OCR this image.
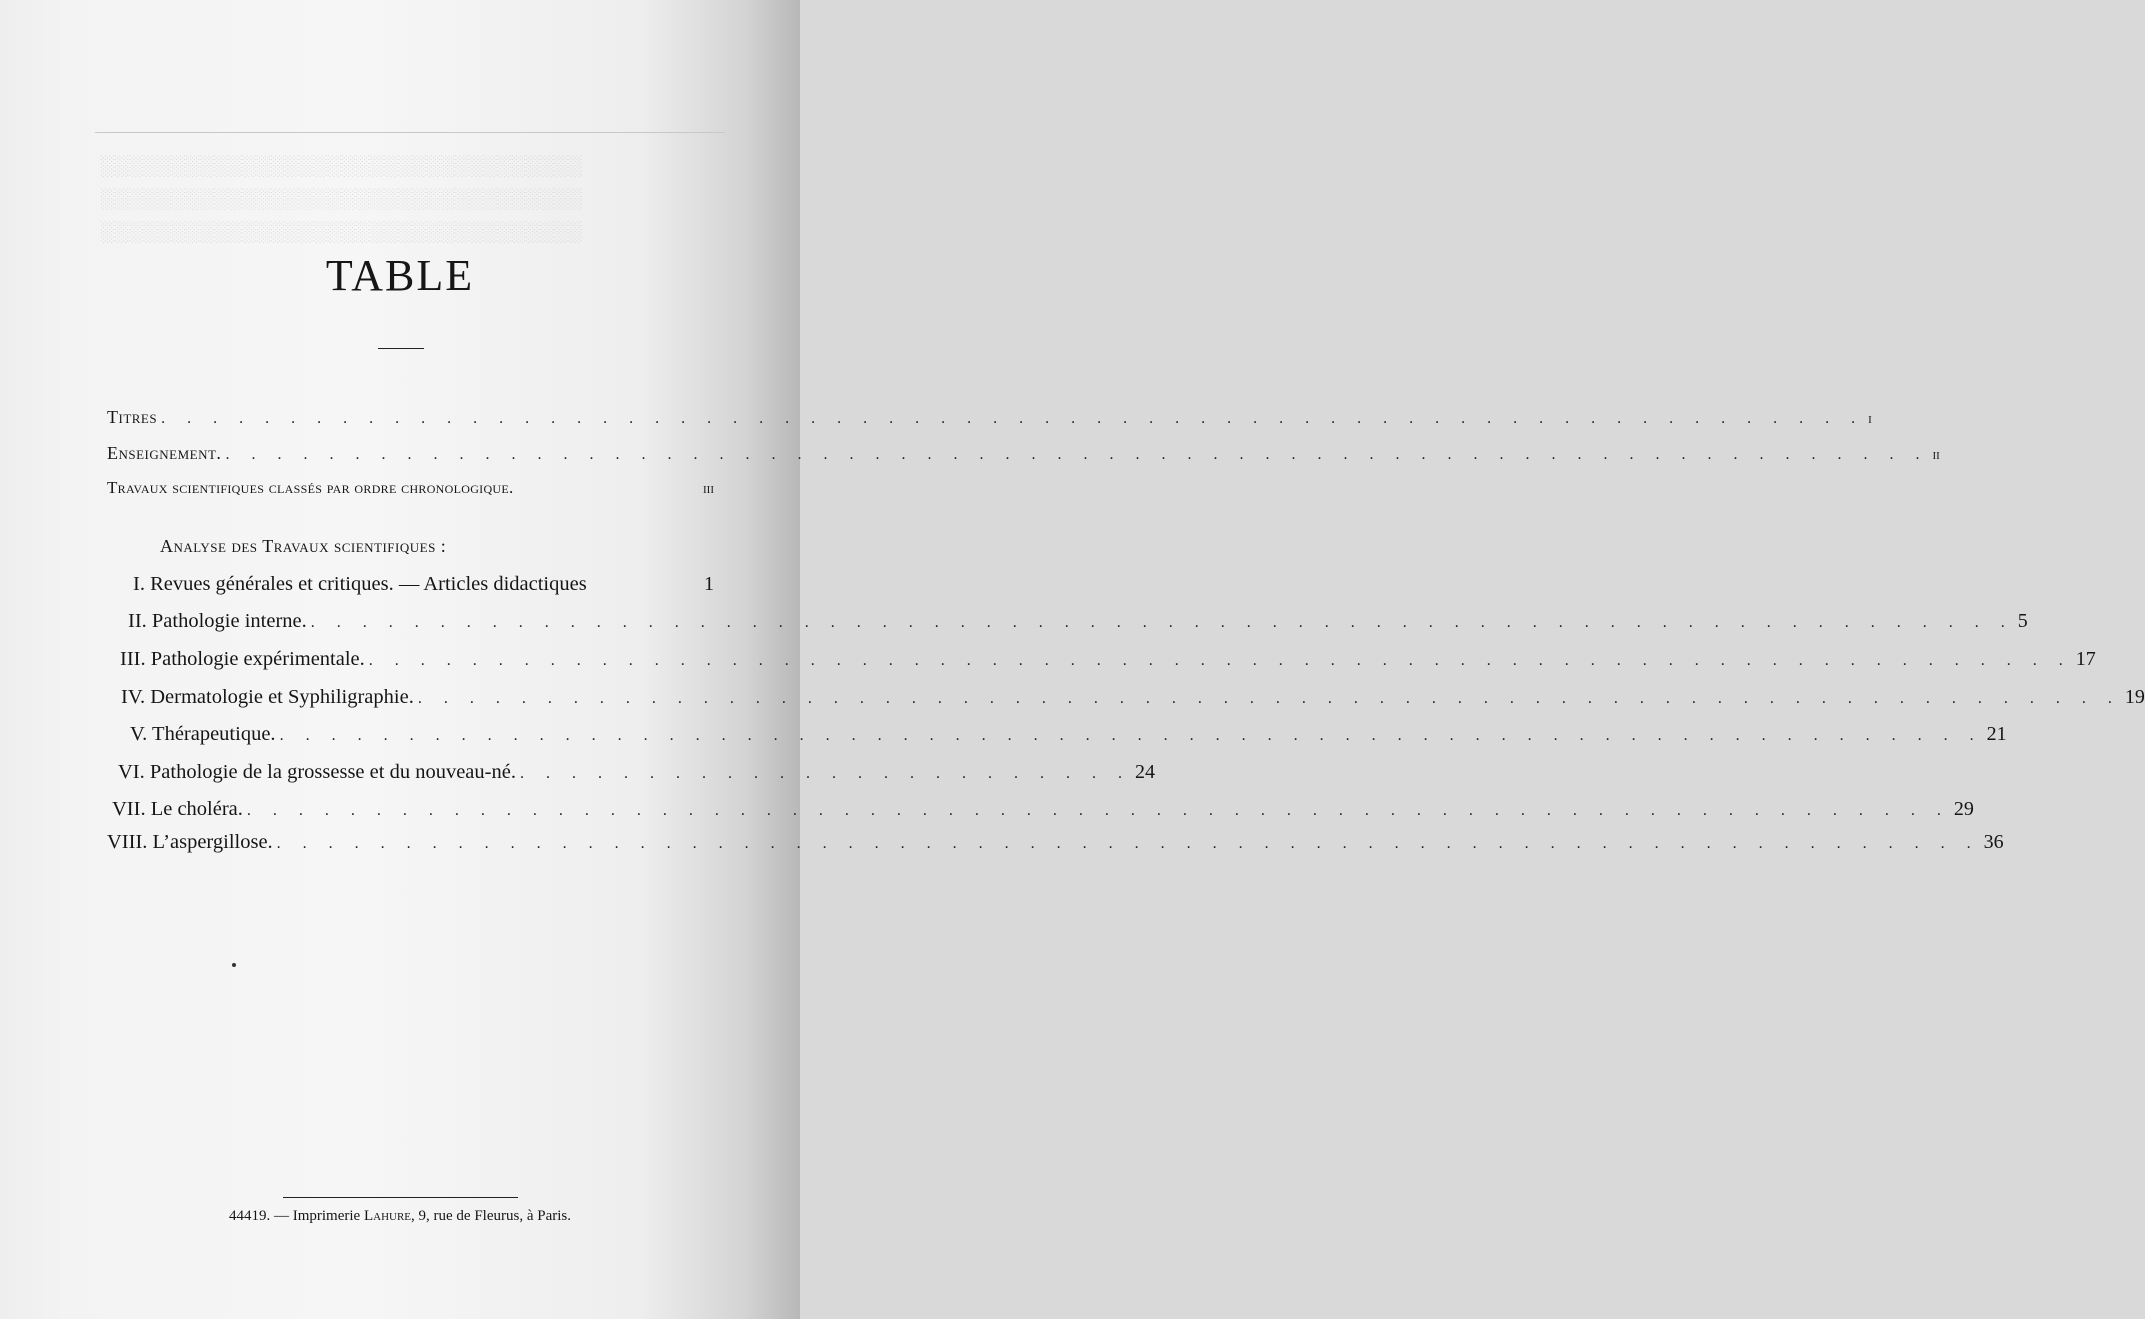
░░░░░░░░░░░░░░░░░░░░░░░░░░░░░░░░░░
░░░░░░░░░░░░░░░░░░░░░░░░░░░░░░░░░░
░░░░░░░░░░░░░░░░░░░░░░░░░░░░░░░░░░
TABLE
Titres . . . . . . . . . . . . . . . . . . . . . . . . . . . . . . . . . . . . . . . . . . . . . . . . . . . . . . . . . . . . . . . . . . i
Enseignement. . . . . . . . . . . . . . . . . . . . . . . . . . . . . . . . . . . . . . . . . . . . . . . . . . . . . . . . . . . . . . . . . . . ii
Travaux scientifiques classés par ordre chronologique.	iii
Analyse des Travaux scientifiques :
I. Revues générales et critiques. — Articles didactiques	1
II. Pathologie interne. . . . . . . . . . . . . . . . . . . . . . . . . . . . . . . . . . . . . . . . . . . . . . . . . . . . . . . . . . . . . . . . . . . 5
III. Pathologie expérimentale. . . . . . . . . . . . . . . . . . . . . . . . . . . . . . . . . . . . . . . . . . . . . . . . . . . . . . . . . . . . . . . . . . . 17
IV. Dermatologie et Syphiligraphie. . . . . . . . . . . . . . . . . . . . . . . . . . . . . . . . . . . . . . . . . . . . . . . . . . . . . . . . . . . . . . . . . . . 19
V. Thérapeutique. . . . . . . . . . . . . . . . . . . . . . . . . . . . . . . . . . . . . . . . . . . . . . . . . . . . . . . . . . . . . . . . . . . 21
VI. Pathologie de la grossesse et du nouveau-né. . . . . . . . . . . . . . . . . . . . . . . . . 24
VII. Le choléra. . . . . . . . . . . . . . . . . . . . . . . . . . . . . . . . . . . . . . . . . . . . . . . . . . . . . . . . . . . . . . . . . . . 29
VIII. L’aspergillose. . . . . . . . . . . . . . . . . . . . . . . . . . . . . . . . . . . . . . . . . . . . . . . . . . . . . . . . . . . . . . . . . . . 36
44419. — Imprimerie Lahure, 9, rue de Fleurus, à Paris.
